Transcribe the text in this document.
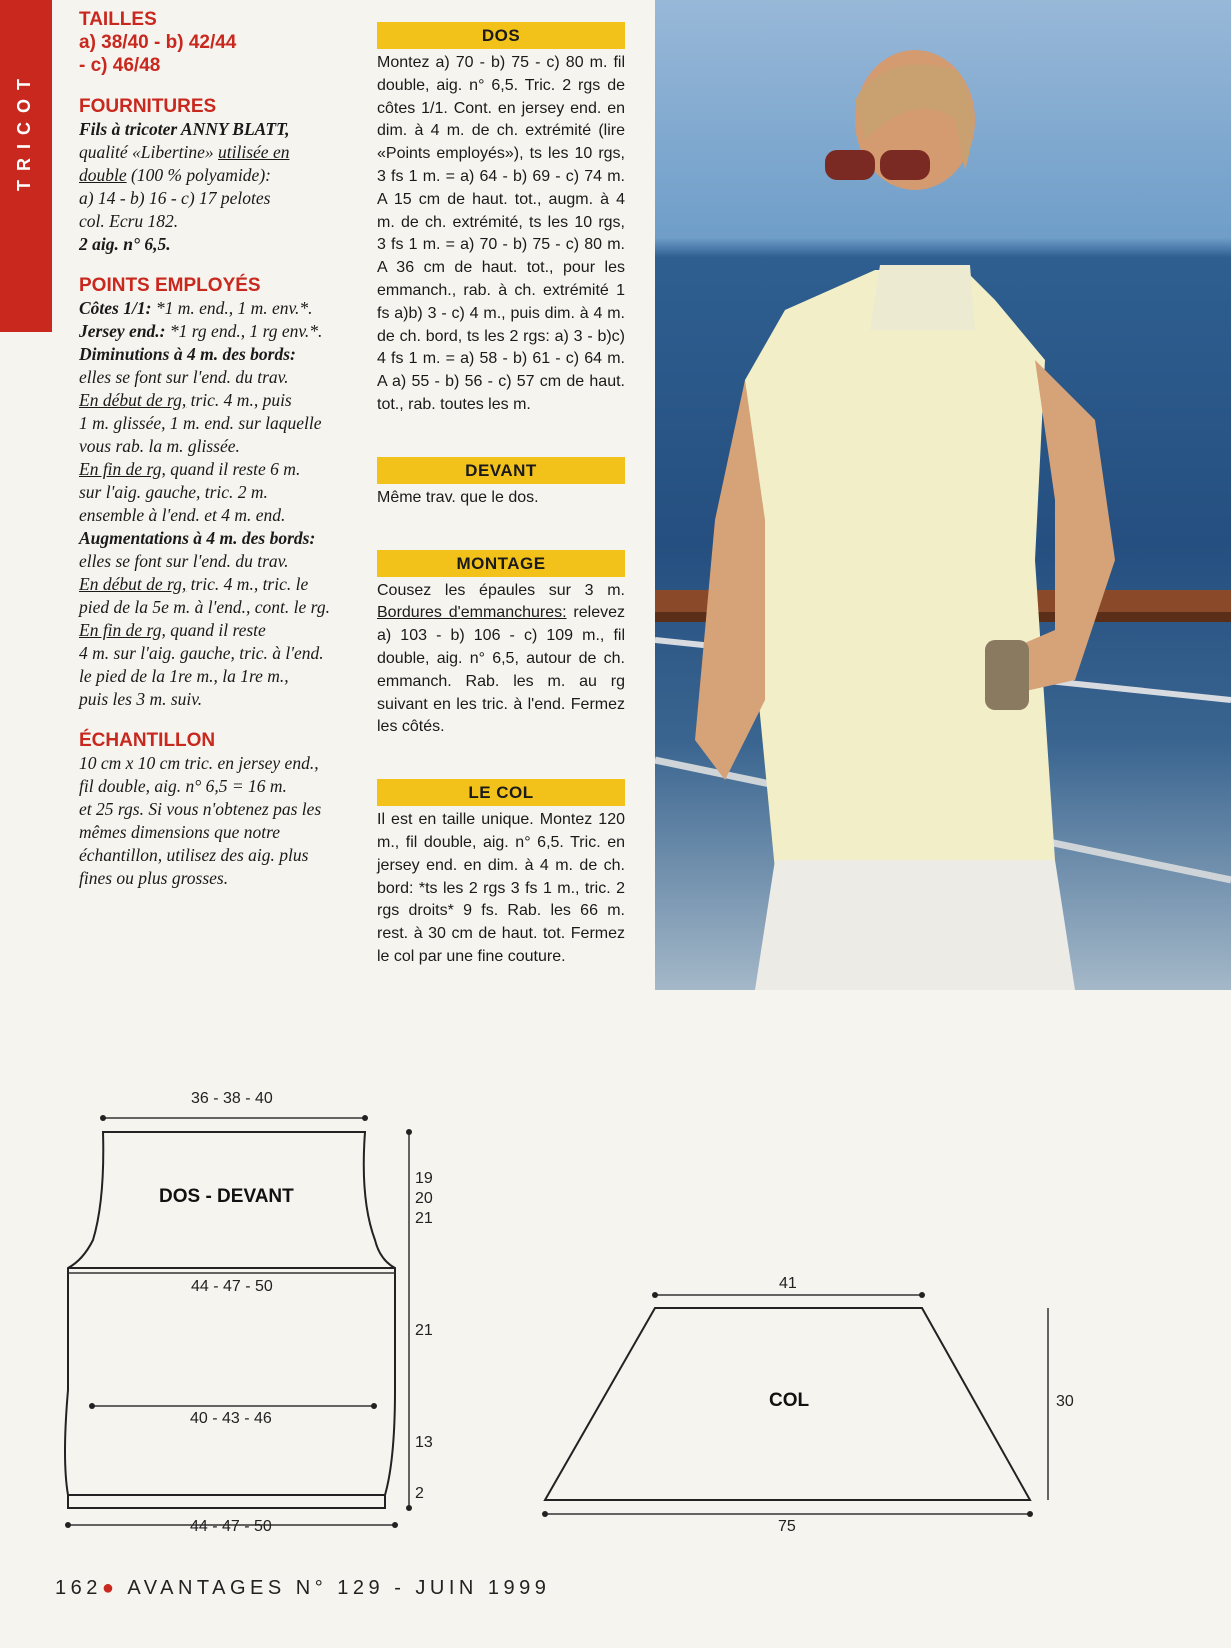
TRICOT

TAILLES

a) 38/40 - b) 42/44
- c) 46/48

FOURNITURES

Fils à tricoter ANNY BLATT,
qualité «Libertine» utilisée en
double (100 % polyamide):
a) 14 - b) 16 - c) 17 pelotes
col. Ecru 182.
2 aig. n° 6,5.

POINTS EMPLOYÉS

Côtes 1/1: *1 m. end., 1 m. env.*.
Jersey end.: *1 rg end., 1 rg env.*.
Diminutions à 4 m. des bords:
elles se font sur l'end. du trav.
En début de rg, tric. 4 m., puis
1 m. glissée, 1 m. end. sur laquelle
vous rab. la m. glissée.
En fin de rg, quand il reste 6 m.
sur l'aig. gauche, tric. 2 m.
ensemble à l'end. et 4 m. end.
Augmentations à 4 m. des bords:
elles se font sur l'end. du trav.
En début de rg, tric. 4 m., tric. le
pied de la 5e m. à l'end., cont. le rg.
En fin de rg, quand il reste
4 m. sur l'aig. gauche, tric. à l'end.
le pied de la 1re m., la 1re m.,
puis les 3 m. suiv.

ÉCHANTILLON

10 cm x 10 cm tric. en jersey end.,
fil double, aig. n° 6,5 = 16 m.
et 25 rgs. Si vous n'obtenez pas les
mêmes dimensions que notre
échantillon, utilisez des aig. plus
fines ou plus grosses.
DOS
Montez a) 70 - b) 75 - c) 80 m. fil double, aig. n° 6,5. Tric. 2 rgs de côtes 1/1. Cont. en jersey end. en dim. à 4 m. de ch. extrémité (lire «Points employés»), ts les 10 rgs, 3 fs 1 m. = a) 64 - b) 69 - c) 74 m. A 15 cm de haut. tot., augm. à 4 m. de ch. extrémité, ts les 10 rgs, 3 fs 1 m. = a) 70 - b) 75 - c) 80 m. A 36 cm de haut. tot., pour les emmanch., rab. à ch. extrémité 1 fs a)b) 3 - c) 4 m., puis dim. à 4 m. de ch. bord, ts les 2 rgs: a) 3 - b)c) 4 fs 1 m. = a) 58 - b) 61 - c) 64 m. A a) 55 - b) 56 - c) 57 cm de haut. tot., rab. toutes les m.
DEVANT
Même trav. que le dos.
MONTAGE
Cousez les épaules sur 3 m. Bordures d'emmanchures: relevez a) 103 - b) 106 - c) 109 m., fil double, aig. n° 6,5, autour de ch. emmanch. Rab. les m. au rg suivant en les tric. à l'end. Fermez les côtés.
LE COL
Il est en taille unique. Montez 120 m., fil double, aig. n° 6,5. Tric. en jersey end. en dim. à 4 m. de ch. bord: *ts les 2 rgs 3 fs 1 m., tric. 2 rgs droits* 9 fs. Rab. les 66 m. rest. à 30 cm de haut. tot. Fermez le col par une fine couture.
36 - 38 - 40
DOS - DEVANT
19
20
21
44 - 47 - 50
21
40 - 43 - 46
13
2
44 - 47 - 50
41
COL	30
75
162● AVANTAGES N° 129 - JUIN 1999
